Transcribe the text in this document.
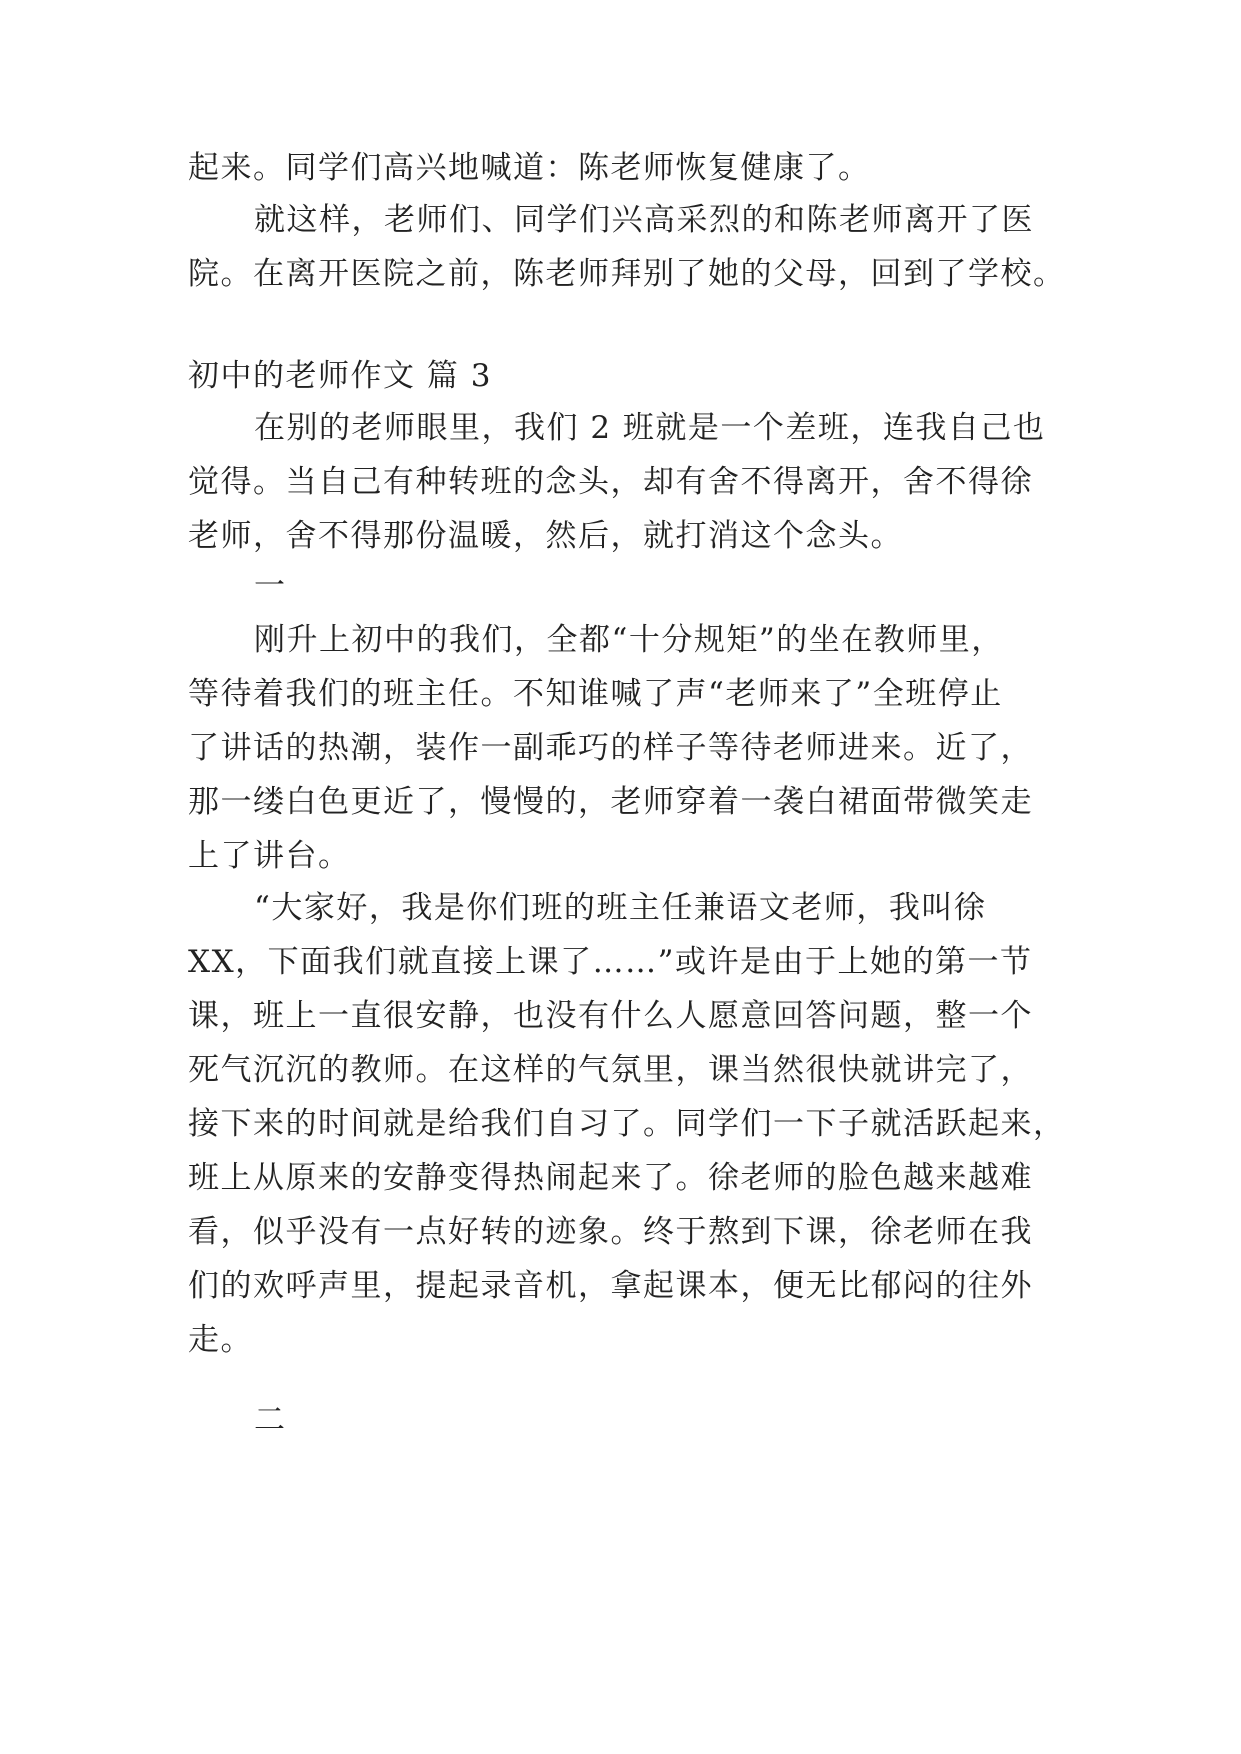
起来。同学们高兴地喊道：陈老师恢复健康了。
就这样，老师们、同学们兴高采烈的和陈老师离开了医
院。在离开医院之前，陈老师拜别了她的父母，回到了学校。
初中的老师作文 篇 3
在别的老师眼里，我们 2 班就是一个差班，连我自己也
觉得。当自己有种转班的念头，却有舍不得离开，舍不得徐
老师，舍不得那份温暖，然后，就打消这个念头。
一
刚升上初中的我们，全都“十分规矩”的坐在教师里，
等待着我们的班主任。不知谁喊了声“老师来了”全班停止
了讲话的热潮，装作一副乖巧的样子等待老师进来。近了，
那一缕白色更近了，慢慢的，老师穿着一袭白裙面带微笑走
上了讲台。
“大家好，我是你们班的班主任兼语文老师，我叫徐
XX，下面我们就直接上课了……”或许是由于上她的第一节
课，班上一直很安静，也没有什么人愿意回答问题，整一个
死气沉沉的教师。在这样的气氛里，课当然很快就讲完了，
接下来的时间就是给我们自习了。同学们一下子就活跃起来，
班上从原来的安静变得热闹起来了。徐老师的脸色越来越难
看，似乎没有一点好转的迹象。终于熬到下课，徐老师在我
们的欢呼声里，提起录音机，拿起课本，便无比郁闷的往外
走。
二
